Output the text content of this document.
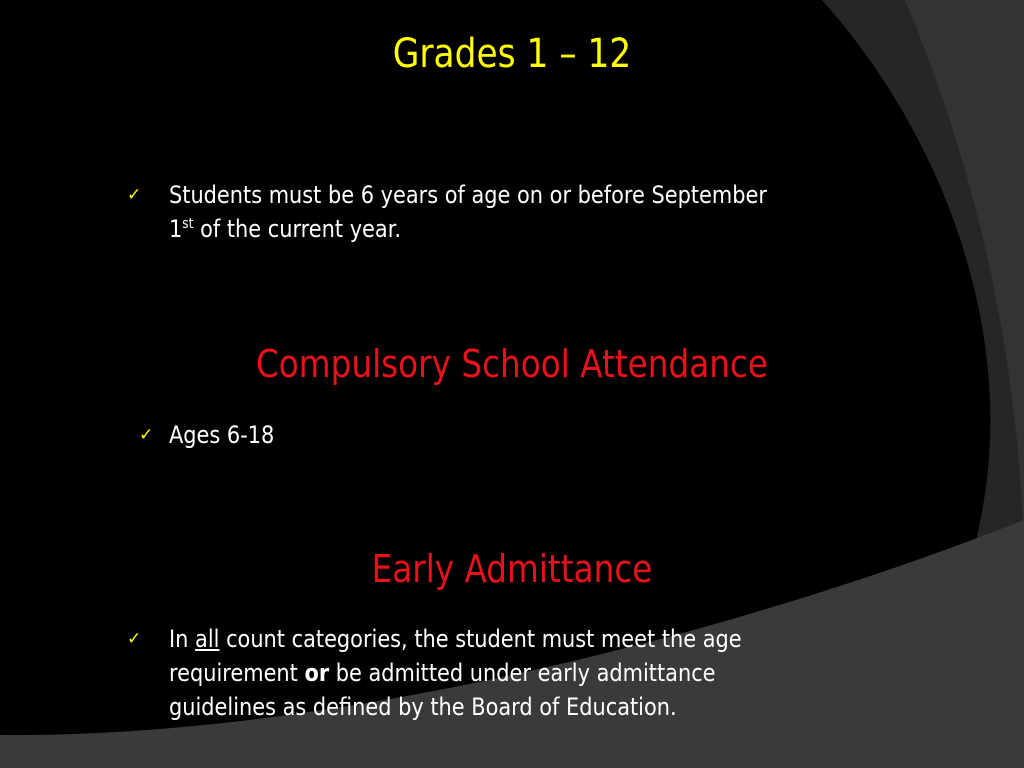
Grades 1 – 12
✓ Students must be 6 years of age on or before September
1st of the current year.
Compulsory School Attendance
✓ Ages 6-18
Early Admittance
✓ In all count categories, the student must meet the age
requirement or be admitted under early admittance
guidelines as defined by the Board of Education.
